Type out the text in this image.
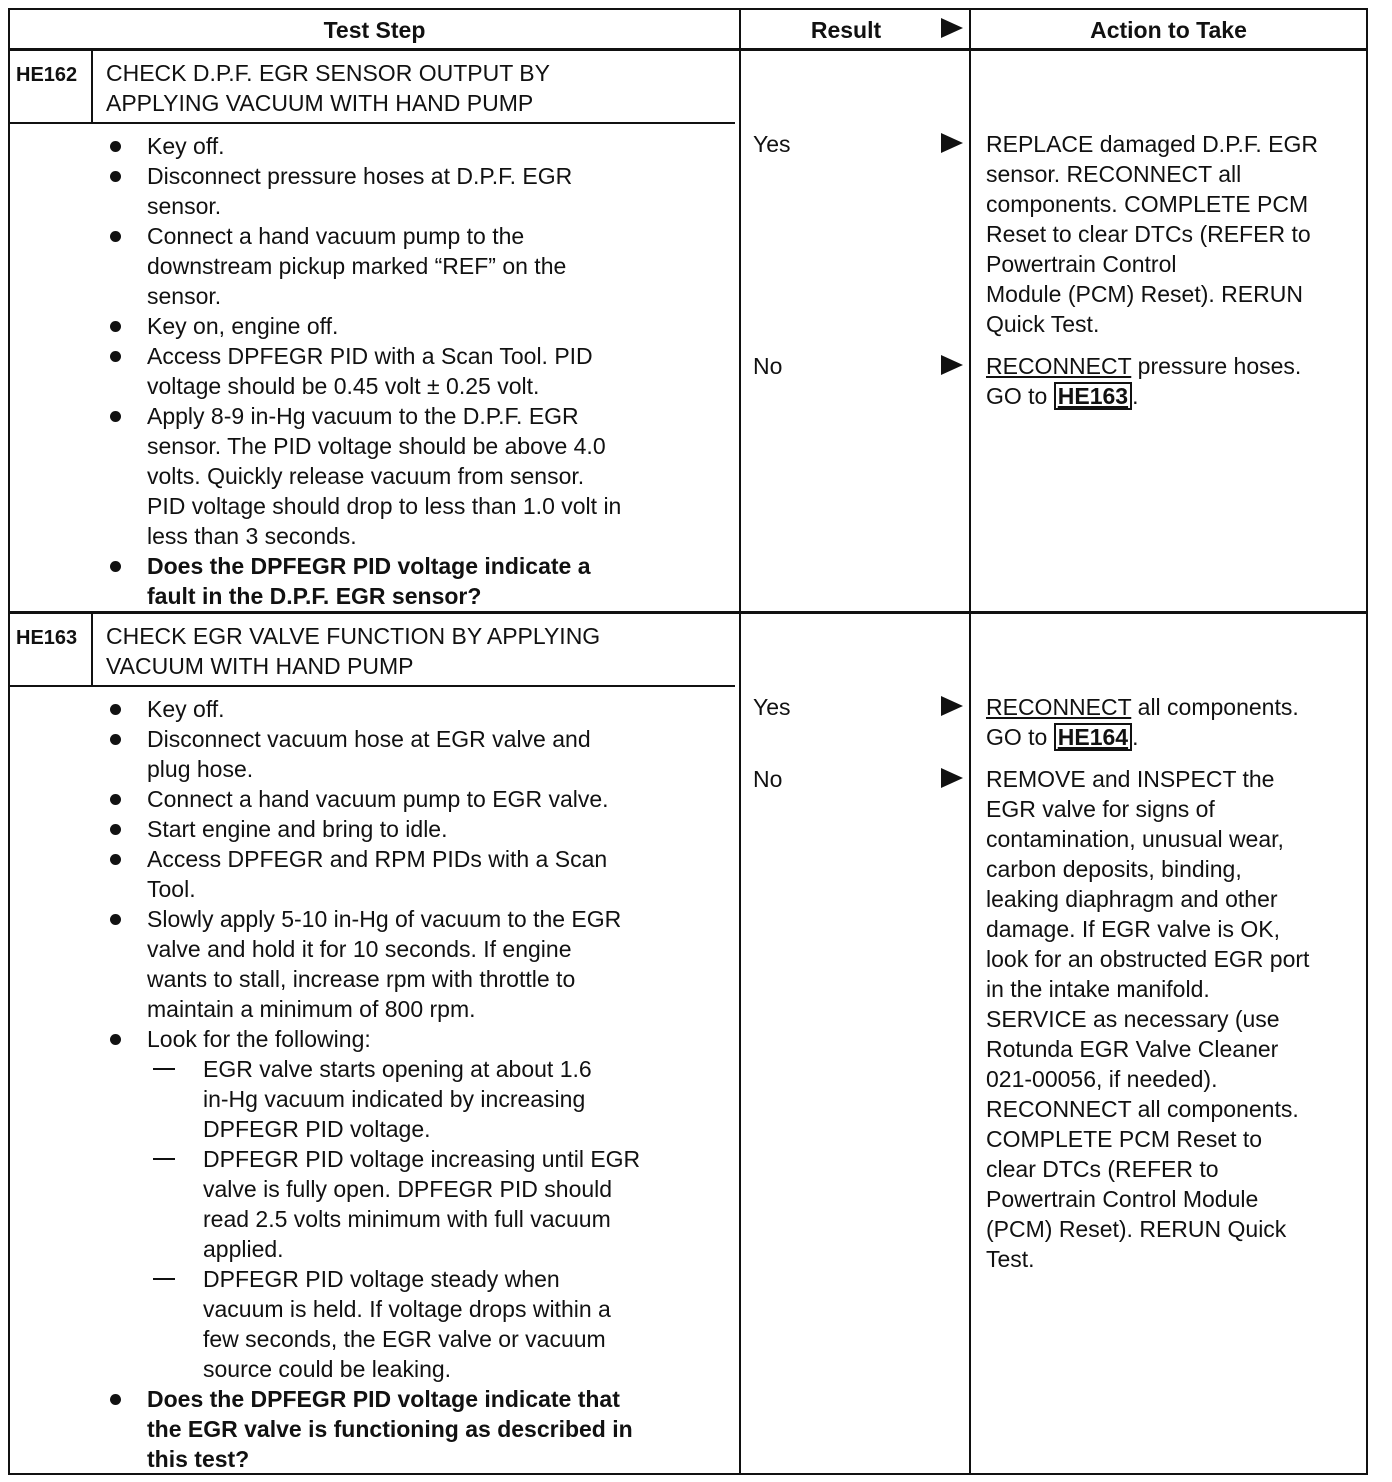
Test Step	Result	Action to Take
HE162 CHECK D.P.F. EGR SENSOR OUTPUT BY
APPLYING VACUUM WITH HAND PUMP
Key off.
Disconnect pressure hoses at D.P.F. EGR
sensor.
Connect a hand vacuum pump to the
downstream pickup marked “REF” on the
sensor.
Key on, engine off.
Access DPFEGR PID with a Scan Tool. PID
voltage should be 0.45 volt ± 0.25 volt.
Apply 8-9 in-Hg vacuum to the D.P.F. EGR
sensor. The PID voltage should be above 4.0
volts. Quickly release vacuum from sensor.
PID voltage should drop to less than 1.0 volt in
less than 3 seconds.
Does the DPFEGR PID voltage indicate a
fault in the D.P.F. EGR sensor?
Yes	REPLACE damaged D.P.F. EGR
sensor. RECONNECT all
components. COMPLETE PCM
Reset to clear DTCs (REFER to
Powertrain Control
Module (PCM) Reset). RERUN
Quick Test.
No	RECONNECT pressure hoses.
GO to HE163 .
HE163 CHECK EGR VALVE FUNCTION BY APPLYING
VACUUM WITH HAND PUMP
Key off.
Disconnect vacuum hose at EGR valve and
plug hose.
Connect a hand vacuum pump to EGR valve.
Start engine and bring to idle.
Access DPFEGR and RPM PIDs with a Scan
Tool.
Slowly apply 5-10 in-Hg of vacuum to the EGR
valve and hold it for 10 seconds. If engine
wants to stall, increase rpm with throttle to
maintain a minimum of 800 rpm.
Look for the following:
EGR valve starts opening at about 1.6
in-Hg vacuum indicated by increasing
DPFEGR PID voltage.
DPFEGR PID voltage increasing until EGR
valve is fully open. DPFEGR PID should
read 2.5 volts minimum with full vacuum
applied.
DPFEGR PID voltage steady when
vacuum is held. If voltage drops within a
few seconds, the EGR valve or vacuum
source could be leaking.
Does the DPFEGR PID voltage indicate that
the EGR valve is functioning as described in
this test?
Yes	RECONNECT all components.
GO to HE164 .
No	REMOVE and INSPECT the
EGR valve for signs of
contamination, unusual wear,
carbon deposits, binding,
leaking diaphragm and other
damage. If EGR valve is OK,
look for an obstructed EGR port
in the intake manifold.
SERVICE as necessary (use
Rotunda EGR Valve Cleaner
021-00056, if needed).
RECONNECT all components.
COMPLETE PCM Reset to
clear DTCs (REFER to
Powertrain Control Module
(PCM) Reset). RERUN Quick
Test.
